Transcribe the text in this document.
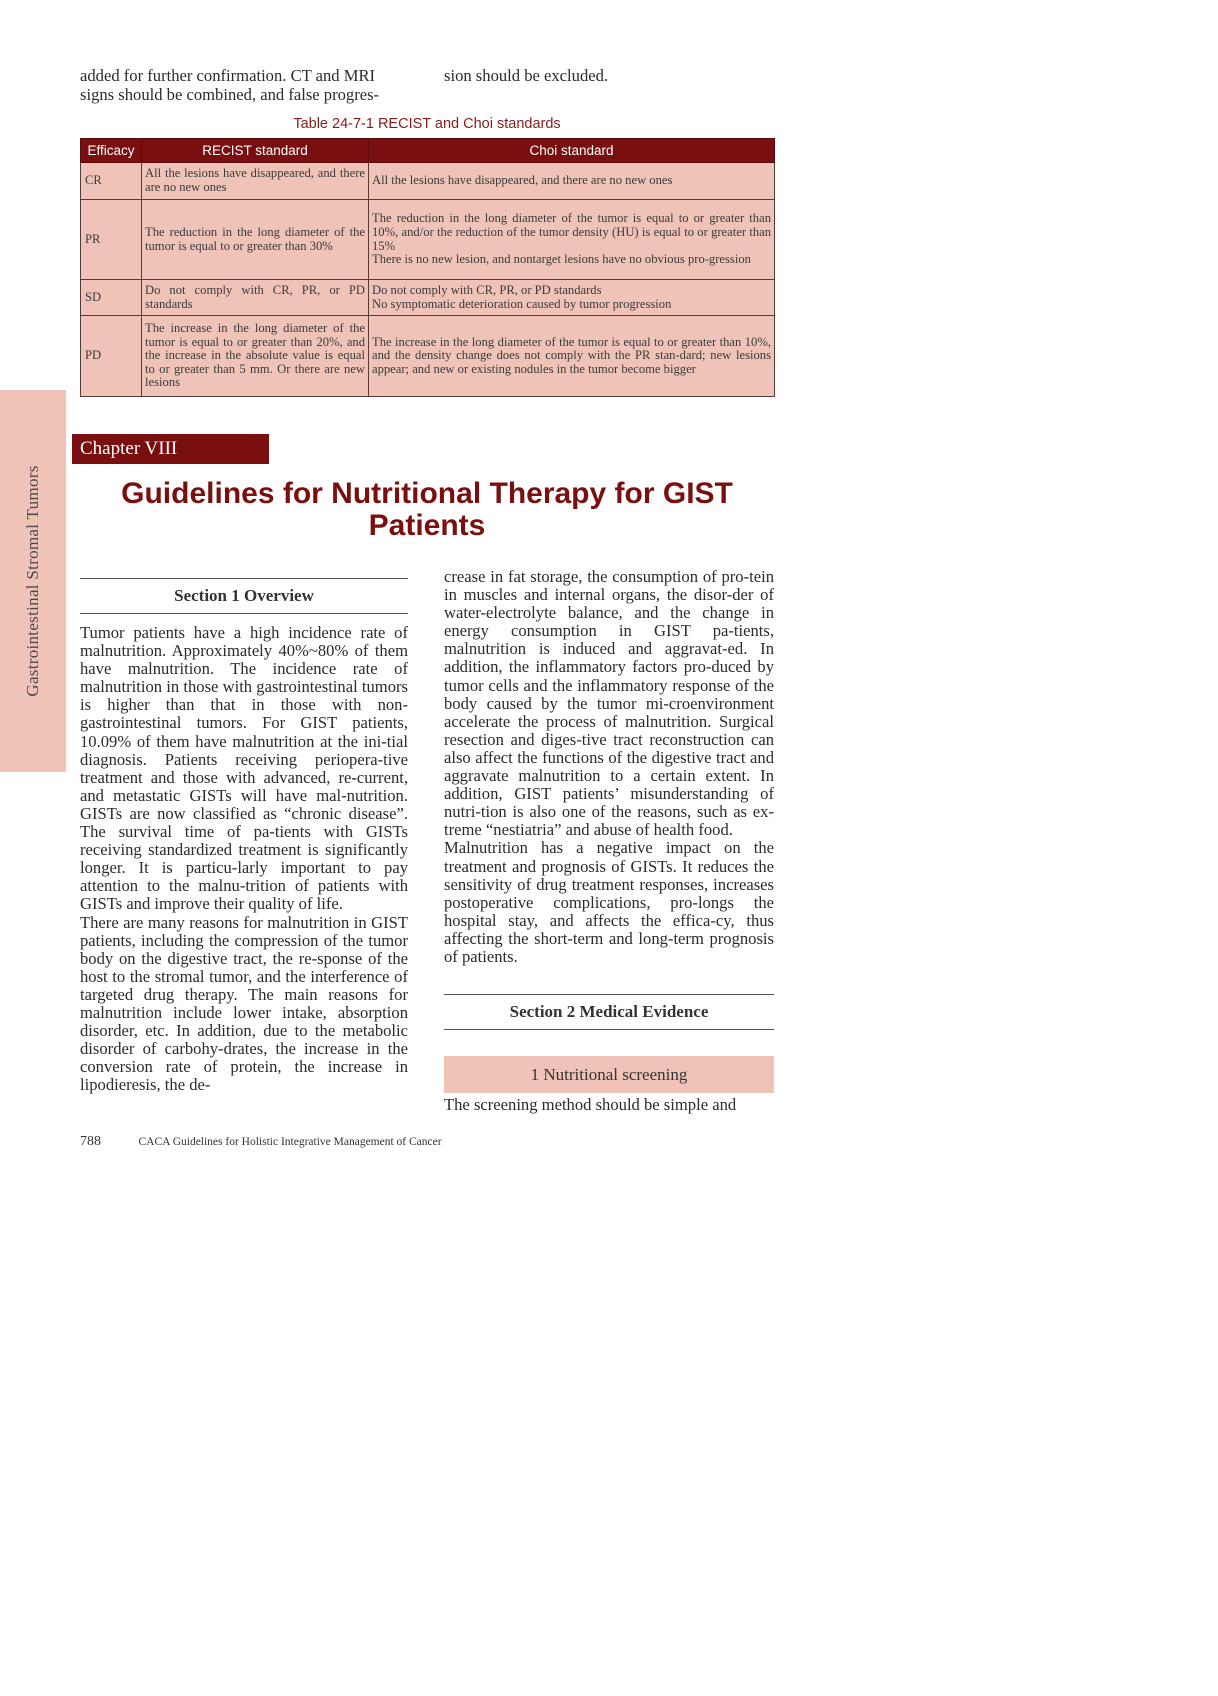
Gastrointestinal Stromal Tumors
added for further confirmation. CT and MRI signs should be combined, and false progres-
sion should be excluded.
Table 24-7-1 RECIST and Choi standards
Efficacy	RECIST standard	Choi standard
CR	All the lesions have disappeared, and there are no new ones	All the lesions have disappeared, and there are no new ones

PR	The reduction in the long diameter of the tumor is equal to or greater than 30%	The reduction in the long diameter of the tumor is equal to or greater than 10%, and/or the reduction of the tumor density (HU) is equal to or greater than 15%

There is no new lesion, and nontarget lesions have no obvious pro-gression

SD	Do not comply with CR, PR, or PD standards	Do not comply with CR, PR, or PD standards

No symptomatic deterioration caused by tumor progression

PD	The increase in the long diameter of the tumor is equal to or greater than 20%, and the increase in the absolute value is equal to or greater than 5 mm. Or there are new lesions	The increase in the long diameter of the tumor is equal to or greater than 10%, and the density change does not comply with the PR stan-dard; new lesions appear; and new or existing nodules in the tumor become bigger

Chapter VIII
Guidelines for Nutritional Therapy for GIST
Patients
Section 1 Overview

Tumor patients have a high incidence rate of malnutrition. Approximately 40%~80% of them have malnutrition. The incidence rate of malnutrition in those with gastrointestinal tumors is higher than that in those with non-gastrointestinal tumors. For GIST patients, 10.09% of them have malnutrition at the ini-tial diagnosis. Patients receiving periopera-tive treatment and those with advanced, re-current, and metastatic GISTs will have mal-nutrition. GISTs are now classified as “chronic disease”. The survival time of pa-tients with GISTs receiving standardized treatment is significantly longer. It is particu-larly important to pay attention to the malnu-trition of patients with GISTs and improve their quality of life.

There are many reasons for malnutrition in GIST patients, including the compression of the tumor body on the digestive tract, the re-sponse of the host to the stromal tumor, and the interference of targeted drug therapy. The main reasons for malnutrition include lower intake, absorption disorder, etc. In addition, due to the metabolic disorder of carbohy-drates, the increase in the conversion rate of protein, the increase in lipodieresis, the de-

crease in fat storage, the consumption of pro-tein in muscles and internal organs, the disor-der of water-electrolyte balance, and the change in energy consumption in GIST pa-tients, malnutrition is induced and aggravat-ed. In addition, the inflammatory factors pro-duced by tumor cells and the inflammatory response of the body caused by the tumor mi-croenvironment accelerate the process of malnutrition. Surgical resection and diges-tive tract reconstruction can also affect the functions of the digestive tract and aggravate malnutrition to a certain extent. In addition, GIST patients’ misunderstanding of nutri-tion is also one of the reasons, such as ex-treme “nestiatria” and abuse of health food.

Malnutrition has a negative impact on the treatment and prognosis of GISTs. It reduces the sensitivity of drug treatment responses, increases postoperative complications, pro-longs the hospital stay, and affects the effica-cy, thus affecting the short-term and long-term prognosis of patients.

Section 2 Medical Evidence
1 Nutritional screening
The screening method should be simple and
788	CACA Guidelines for Holistic Integrative Management of Cancer
